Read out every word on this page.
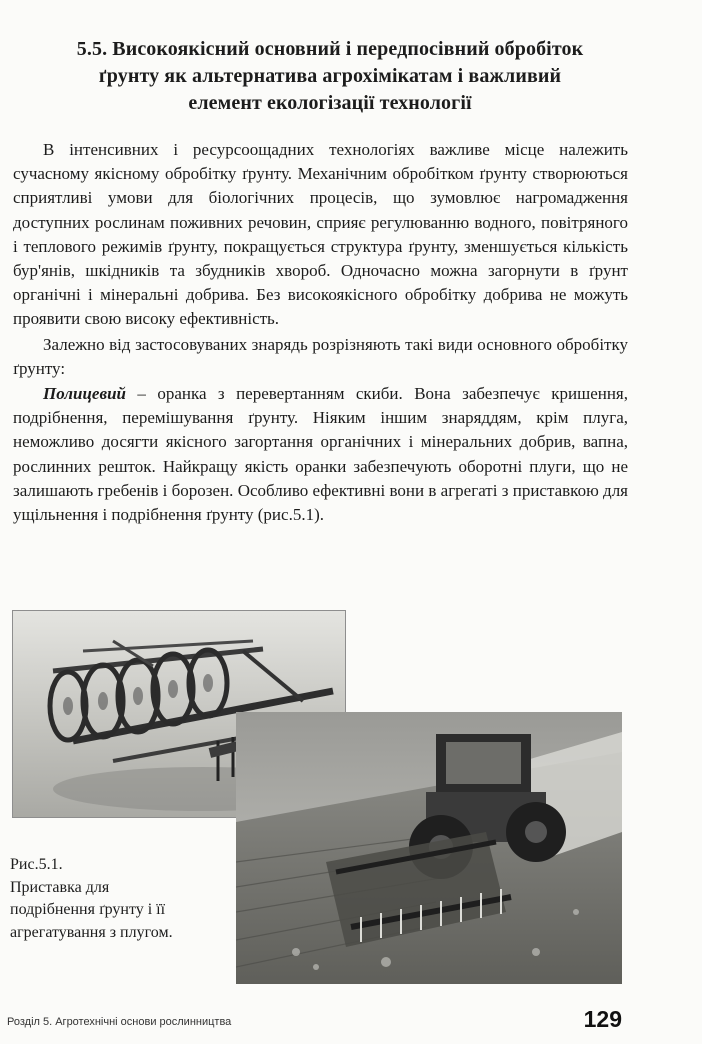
5.5. Високоякісний основний і передпосівний обробіток
ґрунту як альтернатива агрохімікатам і важливий
елемент екологізації технології

В інтенсивних і ресурсоощадних технологіях важливе місце належить сучасному якісному обробітку ґрунту. Механічним обробітком ґрунту створюються сприятливі умови для біологічних процесів, що зумовлює нагромадження доступних рослинам поживних речовин, сприяє регулюванню водного, повітряного і теплового режимів ґрунту, покращується структура ґрунту, зменшується кількість бур'янів, шкідників та збудників хвороб. Одночасно можна загорнути в ґрунт органічні і мінеральні добрива. Без високоякісного обробітку добрива не можуть проявити свою високу ефективність.

Залежно від застосовуваних знарядь розрізняють такі види основного обробітку ґрунту:

Полицевий – оранка з перевертанням скиби. Вона забезпечує кришення, подрібнення, перемішування ґрунту. Ніяким іншим знаряддям, крім плуга, неможливо досягти якісного загортання органічних і мінеральних добрив, вапна, рослинних решток. Найкращу якість оранки забезпечують оборотні плуги, що не залишають гребенів і борозен. Особливо ефективні вони в агрегаті з приставкою для ущільнення і подрібнення ґрунту (рис.5.1).

Рис.5.1.
Приставка для
подрібнення ґрунту і її
агрегатування з плугом.
Розділ 5. Агротехнічні основи рослинництва	129
